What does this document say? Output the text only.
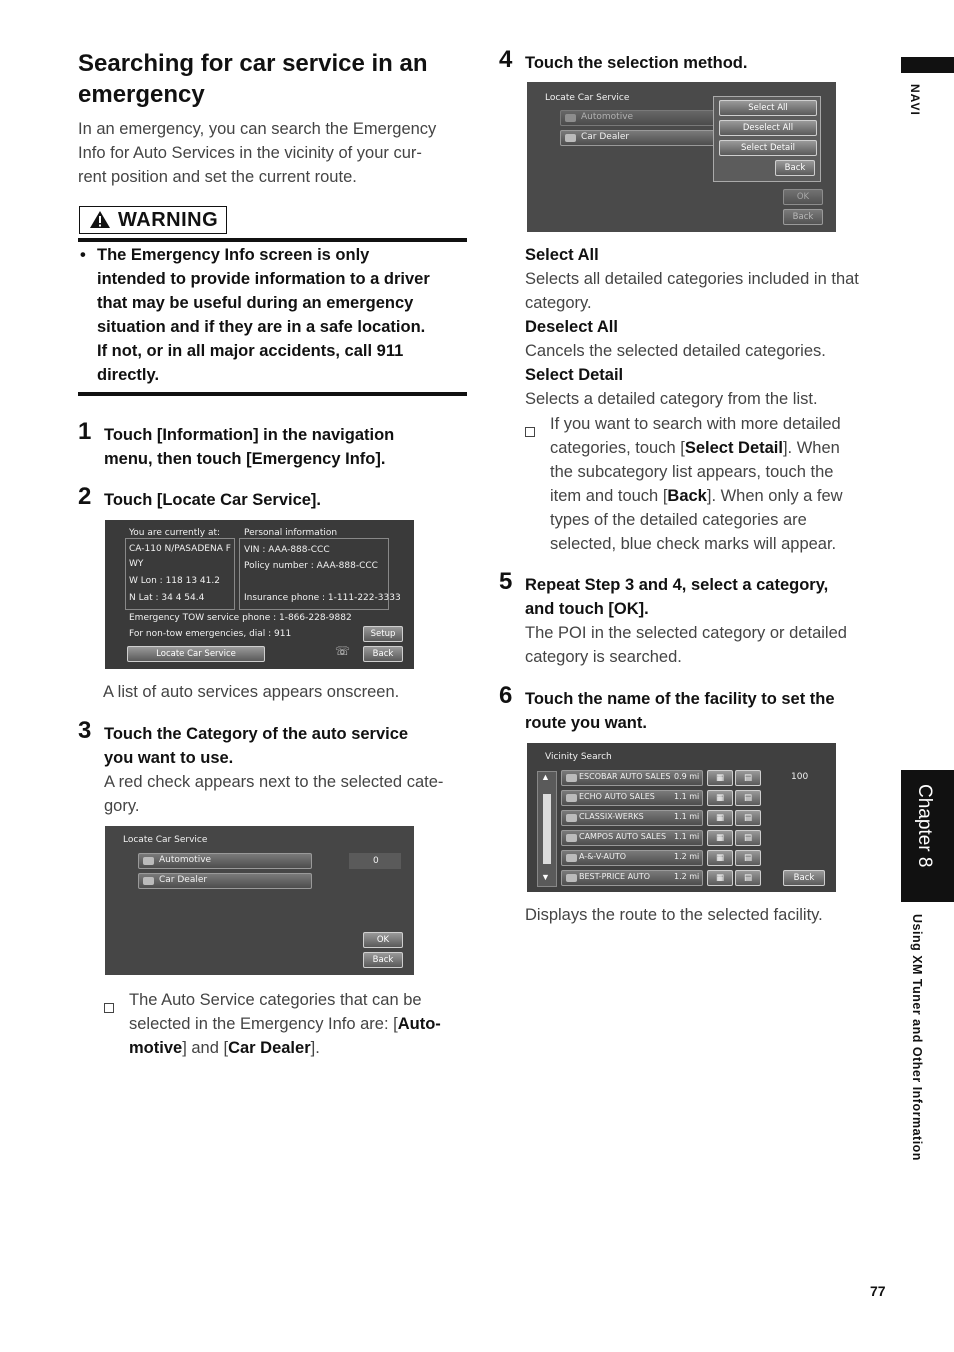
Searching for car service in an emergency
In an emergency, you can search the Emergency
Info for Auto Services in the vicinity of your cur-
rent position and set the current route.
WARNING
• The Emergency Info screen is only
intended to provide information to a driver
that may be useful during an emergency
situation and if they are in a safe location.
If not, or in all major accidents, call 911
directly.
1 Touch [Information] in the navigation
menu, then touch [Emergency Info].
2 Touch [Locate Car Service].
You are currently at:
CA-110 N/PASADENA F
WY
W Lon : 118 13 41.2
N Lat : 34 4 54.4
Personal information
VIN : AAA-888-CCC
Policy number : AAA-888-CCC
Insurance phone : 1-111-222-3333
Emergency TOW service phone : 1-866-228-9882
For non-tow emergencies, dial : 911
Locate Car Service	☏
Setup
Back
A list of auto services appears onscreen.
3 Touch the Category of the auto service
you want to use.
A red check appears next to the selected cate-
gory.
Locate Car Service
Automotive
Car Dealer
0
OK
Back
The Auto Service categories that can be
selected in the Emergency Info are: [Auto-
motive] and [Car Dealer].
4 Touch the selection method.
Locate Car Service
Automotive
Car Dealer
Select All
Deselect All
Select Detail
Back
OK
Back
Select All
Selects all detailed categories included in that
category.
Deselect All
Cancels the selected detailed categories.
Select Detail
Selects a detailed category from the list.
If you want to search with more detailed
categories, touch [Select Detail]. When
the subcategory list appears, touch the
item and touch [Back]. When only a few
types of the detailed categories are
selected, blue check marks will appear.
5 Repeat Step 3 and 4, select a category,
and touch [OK].
The POI in the selected category or detailed
category is searched.
6 Touch the name of the facility to set the
route you want.
Vicinity Search
▲
▼
ESCOBAR AUTO SALES 0.9 mi	▦	▤
ECHO AUTO SALES 1.1 mi	▦	▤
CLASSIX-WERKS	1.1 mi	▦	▤
CAMPOS AUTO SALES 1.1 mi	▦	▤
A-&-V-AUTO	1.2 mi	▦	▤
BEST-PRICE AUTO	1.2 mi	▦	▤
100
Back
Displays the route to the selected facility.
NAVI
Chapter 8
Using XM Tuner and Other Information
77
